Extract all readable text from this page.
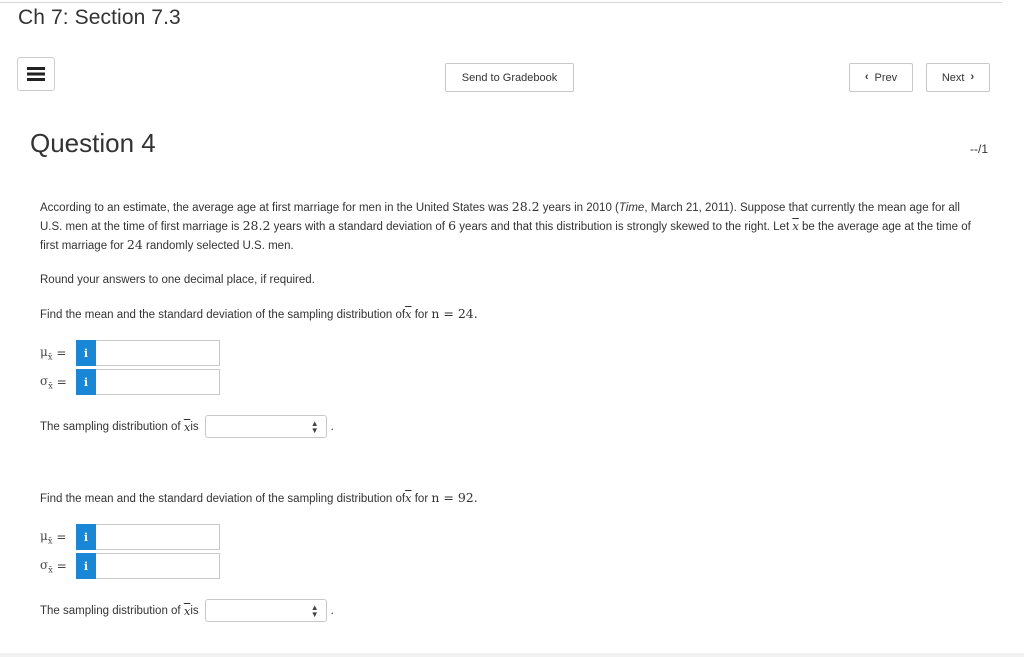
Ch 7: Section 7.3
Send to Gradebook	‹ Prev	Next ›
Question 4	--/1
According to an estimate, the average age at first marriage for men in the United States was 28.2 years in 2010 (Time, March 21, 2011). Suppose that currently the mean age for all U.S. men at the time of first marriage is 28.2 years with a standard deviation of 6 years and that this distribution is strongly skewed to the right. Let $\overline{x}$ be the average age at the time of first marriage for 24 randomly selected U.S. men.
Round your answers to one decimal place, if required.
Find the mean and the standard deviation of the sampling distribution $of\overline{x}$ for n = 24.
$\mu_{x̄} = i$
$\sigma_{x̄} = i$
The sampling distribution of
$\overline{x}$ is	▲
▼ .
Find the mean and the standard deviation of the sampling distribution $of\overline{x}$ for n = 92.
$\mu_{x̄} = i$
$\sigma_{x̄} = i$
The sampling distribution of
$\overline{x}$ is	▲
▼ .
